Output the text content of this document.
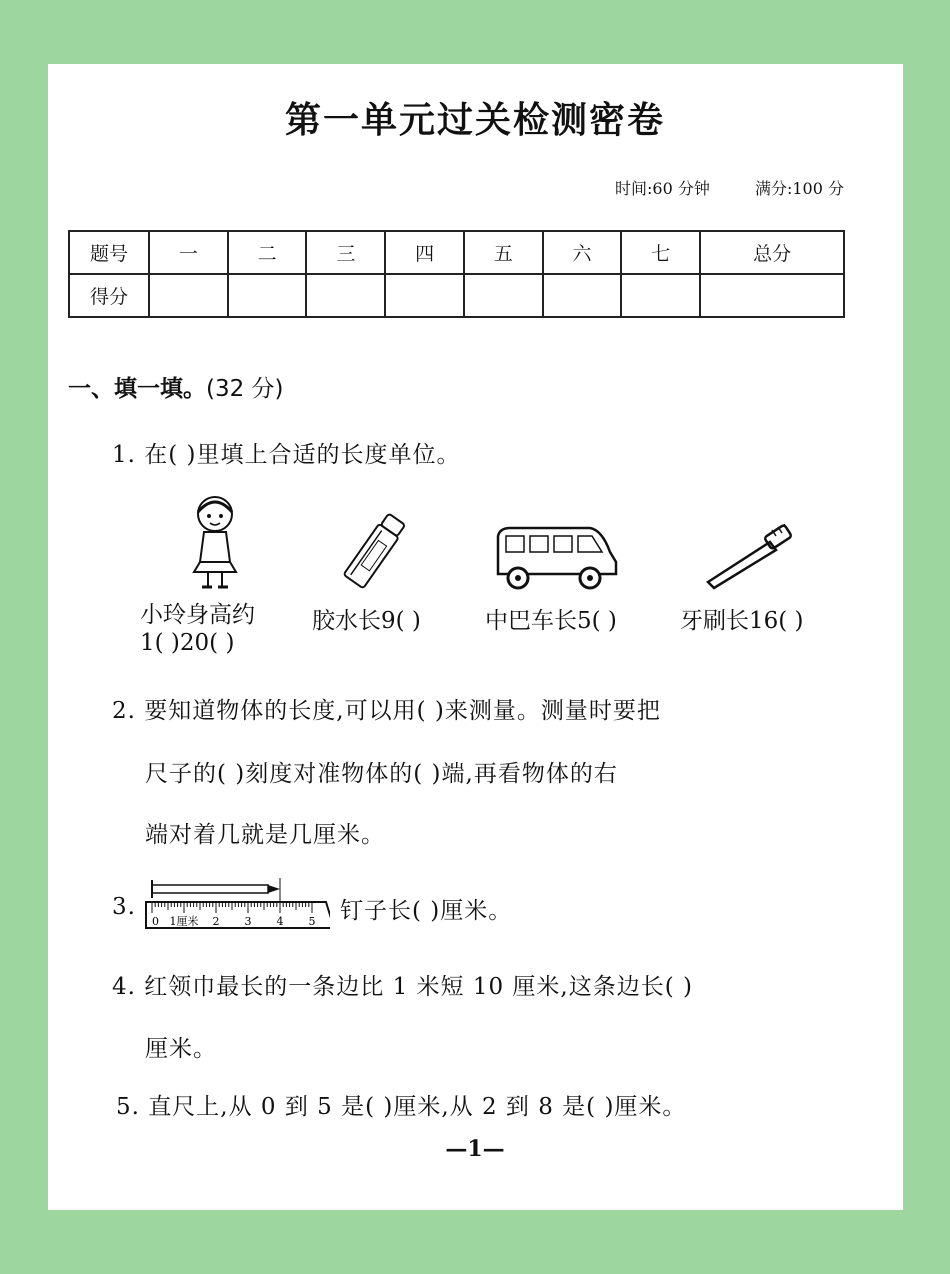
第一单元过关检测密卷
时间:60 分钟	满分:100 分
题号	一	二	三	四	五	六	七	总分
得分								
一、填一填。(32 分)
1. 在( )里填上合适的长度单位。
小玲身高约
1( )20( )
胶水长9( )	中巴车长5( )	牙刷长16( )
2. 要知道物体的长度,可以用( )来测量。测量时要把
尺子的( )刻度对准物体的( )端,再看物体的右
端对着几就是几厘米。
3.
0 1厘米 2 3 4 5 钉子长( )厘米。
4. 红领巾最长的一条边比 1 米短 10 厘米,这条边长( )
厘米。
5. 直尺上,从 0 到 5 是( )厘米,从 2 到 8 是( )厘米。
—1—
